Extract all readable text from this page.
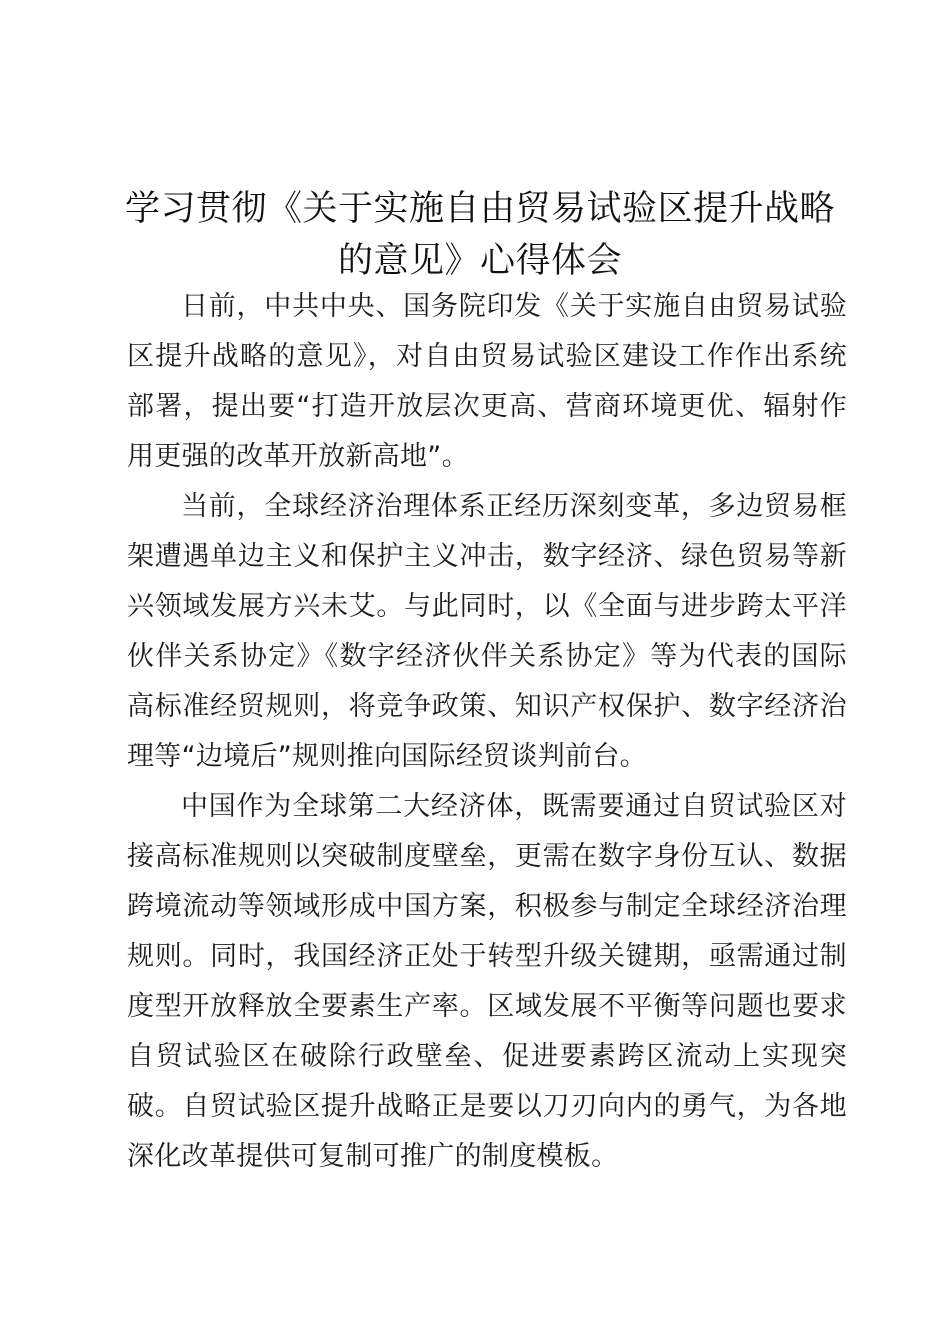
学习贯彻《关于实施自由贸易试验区提升战略
的意见》心得体会

日前，中共中央、国务院印发《关于实施自由贸易试验区提升战略的意见》，对自由贸易试验区建设工作作出系统部署，提出要“打造开放层次更高、营商环境更优、辐射作用更强的改革开放新高地”。

当前，全球经济治理体系正经历深刻变革，多边贸易框架遭遇单边主义和保护主义冲击，数字经济、绿色贸易等新兴领域发展方兴未艾。与此同时，以《全面与进步跨太平洋伙伴关系协定》《数字经济伙伴关系协定》等为代表的国际高标准经贸规则，将竞争政策、知识产权保护、数字经济治理等“边境后”规则推向国际经贸谈判前台。

中国作为全球第二大经济体，既需要通过自贸试验区对接高标准规则以突破制度壁垒，更需在数字身份互认、数据跨境流动等领域形成中国方案，积极参与制定全球经济治理规则。同时，我国经济正处于转型升级关键期，亟需通过制度型开放释放全要素生产率。区域发展不平衡等问题也要求自贸试验区在破除行政壁垒、促进要素跨区流动上实现突破。自贸试验区提升战略正是要以刀刃向内的勇气，为各地深化改革提供可复制可推广的制度模板。
